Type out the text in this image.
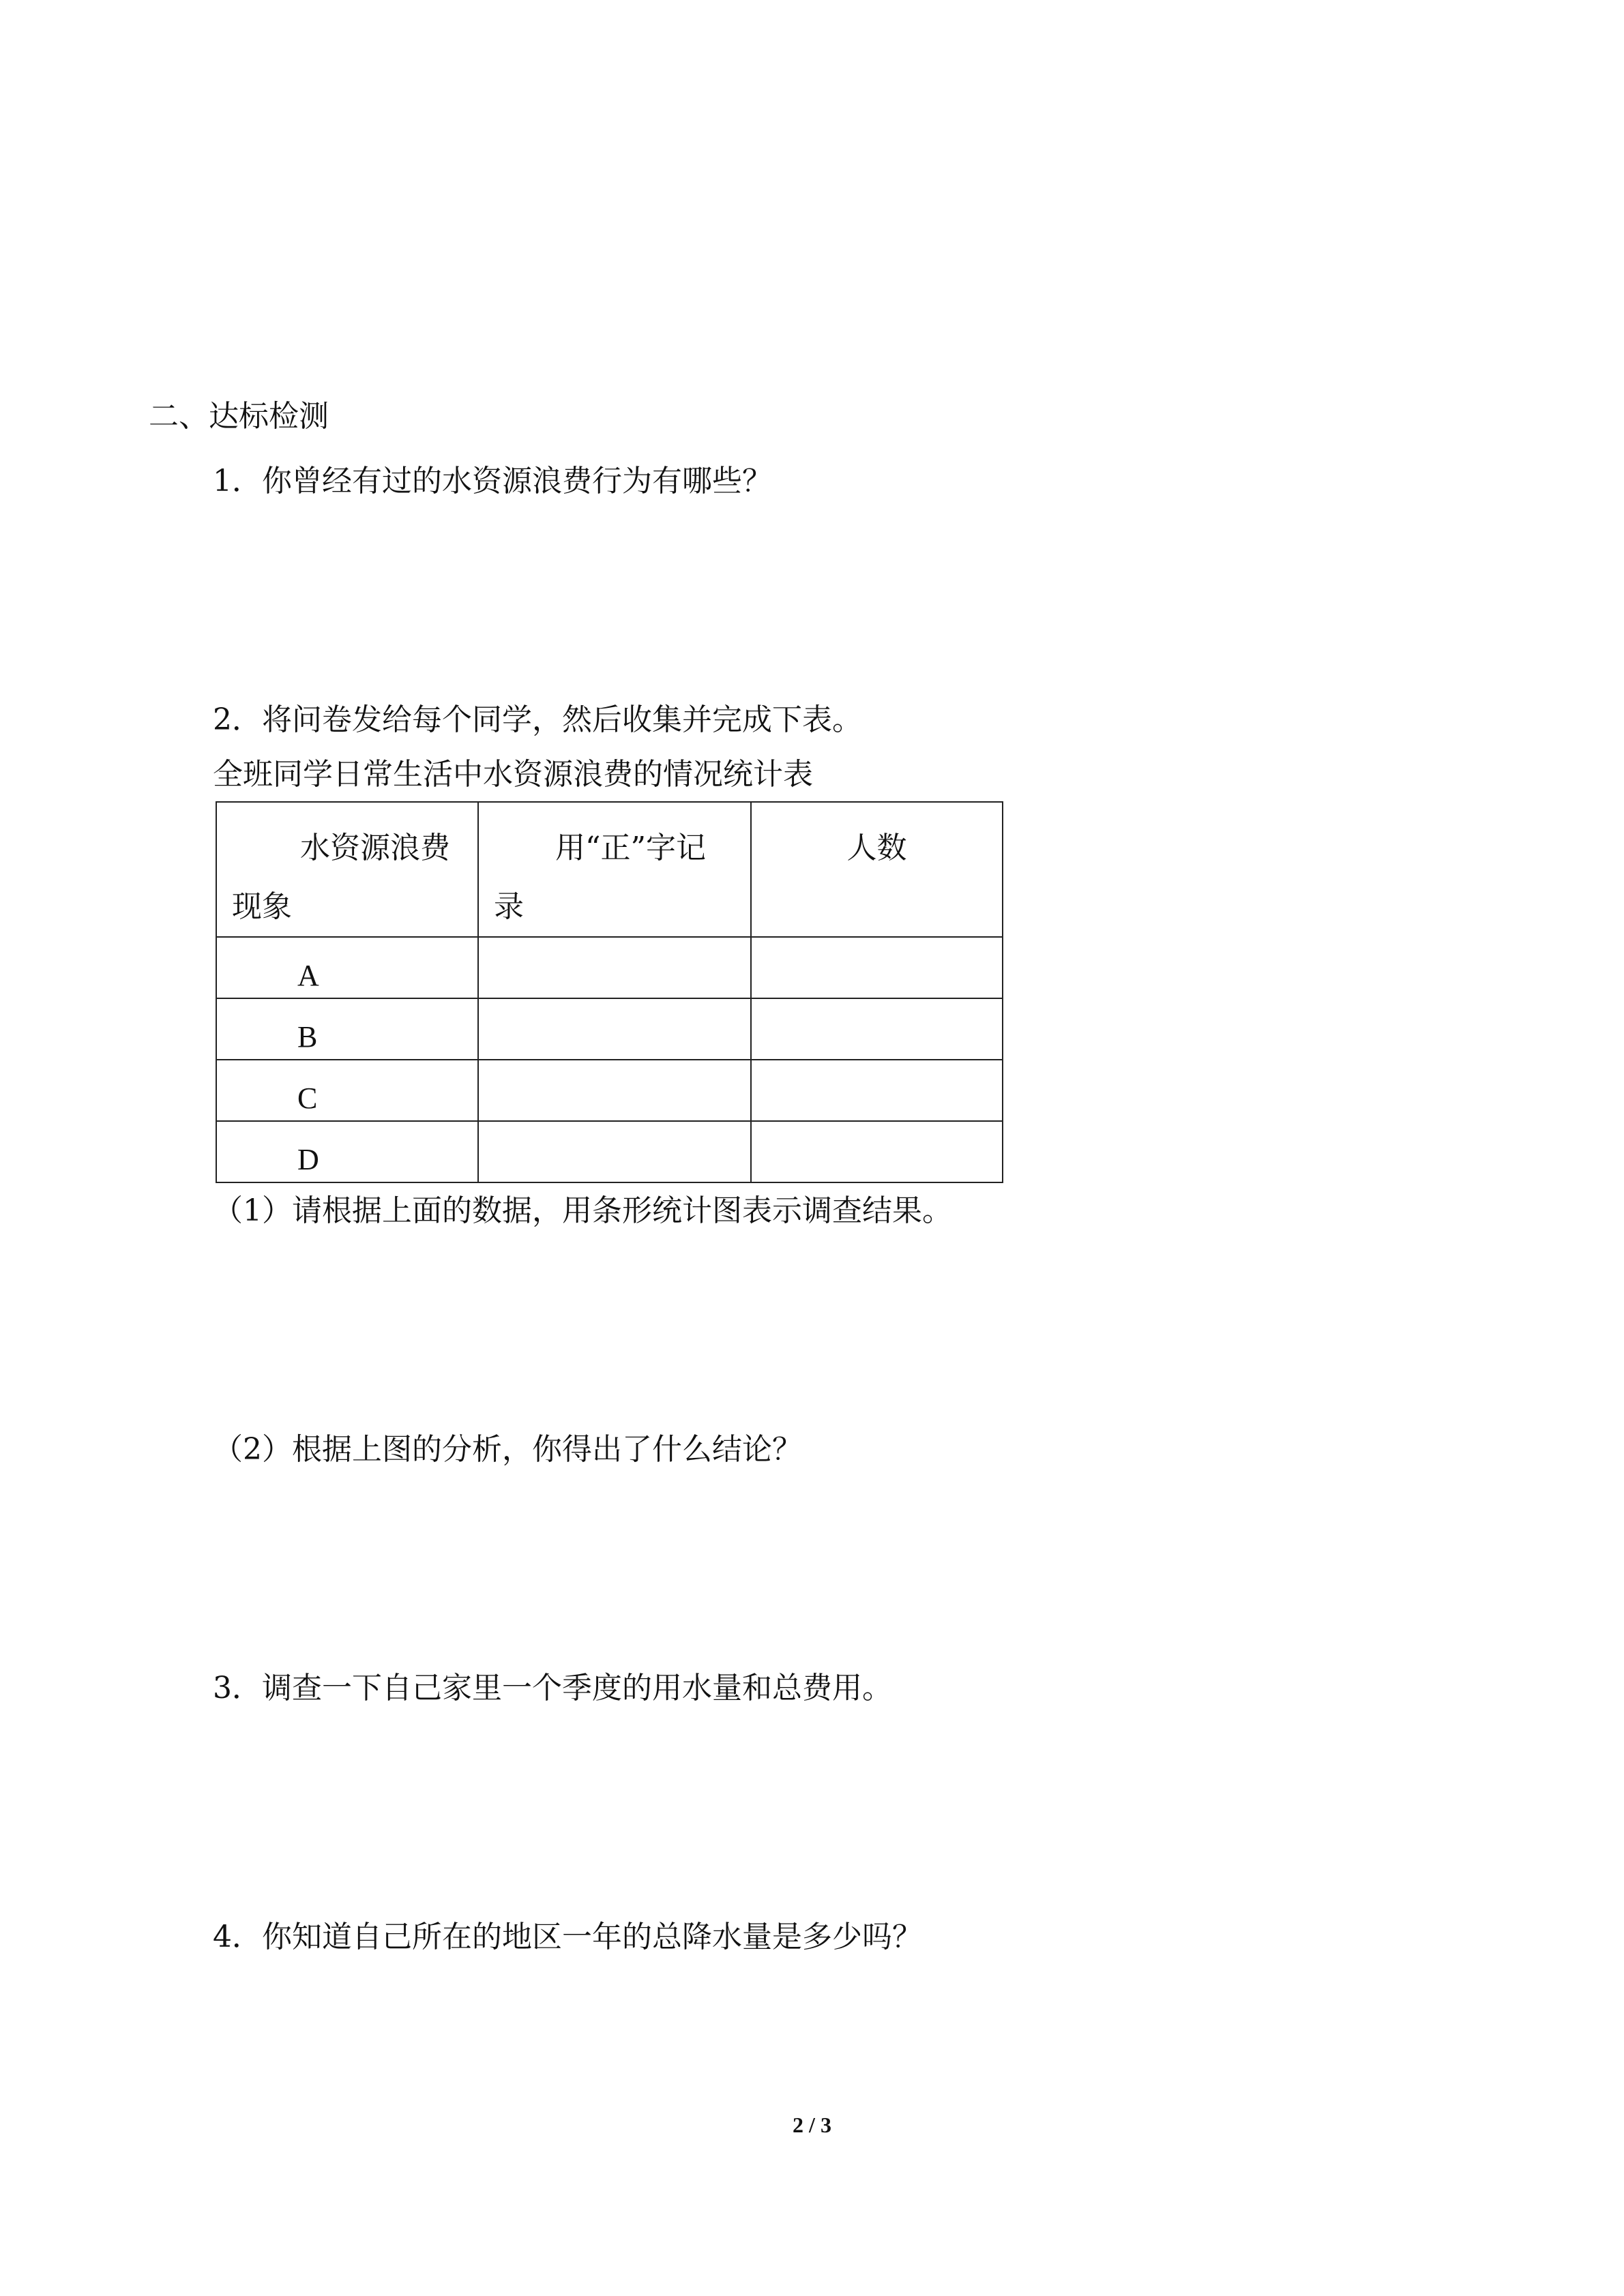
二、达标检测

1．你曾经有过的水资源浪费行为有哪些？

2．将问卷发给每个同学，然后收集并完成下表。

全班同学日常生活中水资源浪费的情况统计表

水资源浪费现象	用“正”字记录	人数

A		

B		

C		

D		

（1）请根据上面的数据，用条形统计图表示调查结果。

（2）根据上图的分析，你得出了什么结论？

3．调查一下自己家里一个季度的用水量和总费用。

4．你知道自己所在的地区一年的总降水量是多少吗？

2 / 3
